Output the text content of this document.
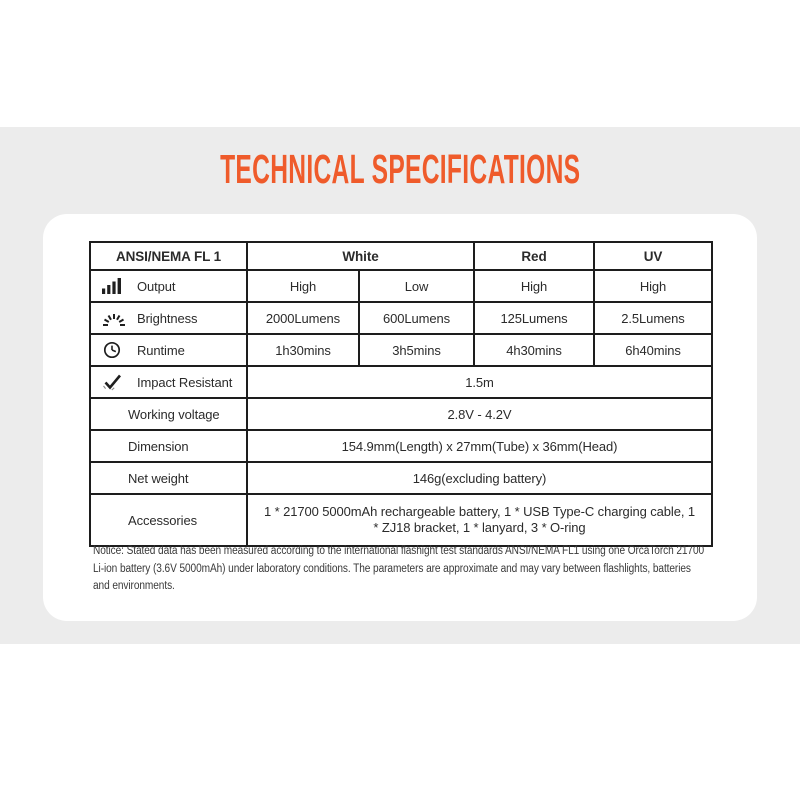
TECHNICAL SPECIFICATIONS
ANSI/NEMA FL 1	White		Red	UV

Output	High	Low	High	High

Brightness	2000Lumens	600Lumens	125Lumens	2.5Lumens

Runtime	1h30mins	3h5mins	4h30mins	6h40mins

Impact Resistant	1.5m			

Working voltage	2.8V - 4.2V			

Dimension	154.9mm(Length) x 27mm(Tube) x 36mm(Head)			

Net weight	146g(excluding battery)			

Accessories	1 * 21700 5000mAh rechargeable battery, 1 * USB Type-C charging cable, 1 * ZJ18 bracket, 1 * lanyard, 3 * O-ring			
Notice: Stated data has been measured according to the international flashight test standards ANSI/NEMA FL1 using one OrcaTorch 21700
Li-ion battery (3.6V 5000mAh) under laboratory conditions. The parameters are approximate and may vary between flashlights, batteries
and environments.
